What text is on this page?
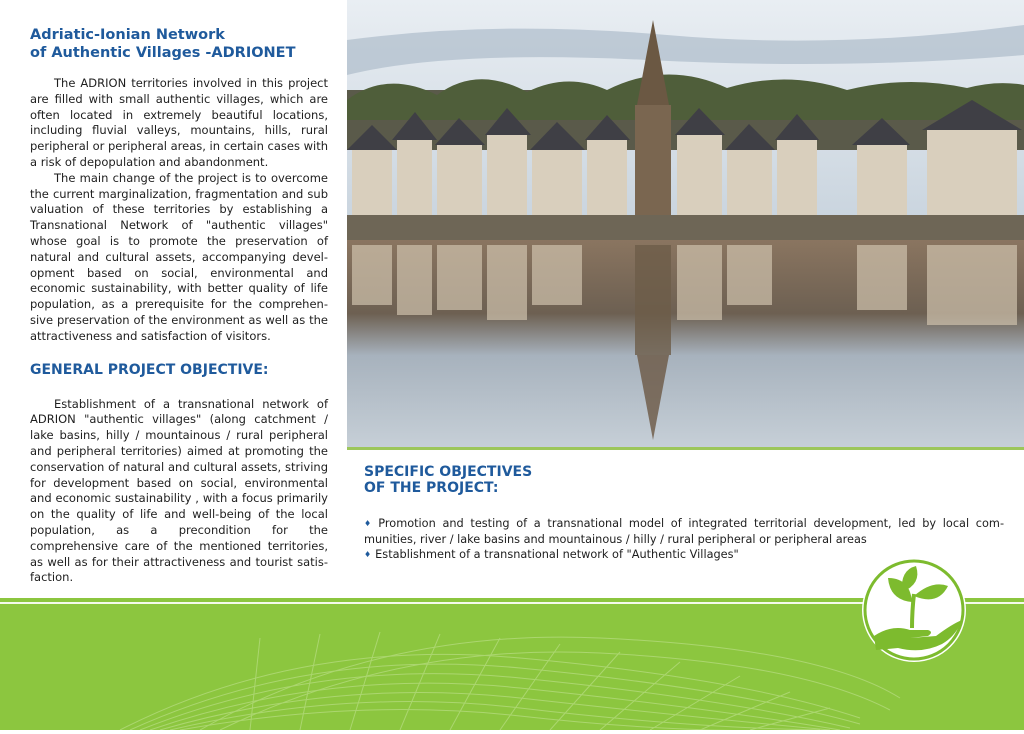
Adriatic-Ionian Network
of Authentic Villages -ADRIONET

The ADRION territories involved in this project are filled with small authentic villages, which are often located in extremely beautiful locations, including fluvial valleys, mountains, hills, rural peripheral or peripheral areas, in certain cases with a risk of depopulation and abandonment.

The main change of the project is to overcome the current marginalization, fragmentation and sub valuation of these territories by establishing a Transnational Network of "authentic villages" whose goal is to promote the preservation of natural and cultural assets, accompanying development based on social, environmental and economic sustainability, with better quality of life population, as a prerequisite for the comprehensive preservation of the environment as well as the attractiveness and satisfaction of visitors.

GENERAL PROJECT OBJECTIVE:

Establishment of a transnational network of ADRION "authentic villages" (along catchment / lake basins, hilly / mountainous / rural peripheral and peripheral territories) aimed at promoting the conservation of natural and cultural assets, striving for development based on social, environmental and economic sustainability , with a focus primarily on the quality of life and well-being of the local population, as a precondition for the comprehensive care of the mentioned territories, as well as for their attractiveness and tourist satisfaction.

SPECIFIC OBJECTIVES
OF THE PROJECT:
♦ Promotion and testing of a transnational model of integrated territorial development, led by local communities, river / lake basins and mountainous / hilly / rural peripheral or peripheral areas
♦ Establishment of a transnational network of "Authentic Villages"
